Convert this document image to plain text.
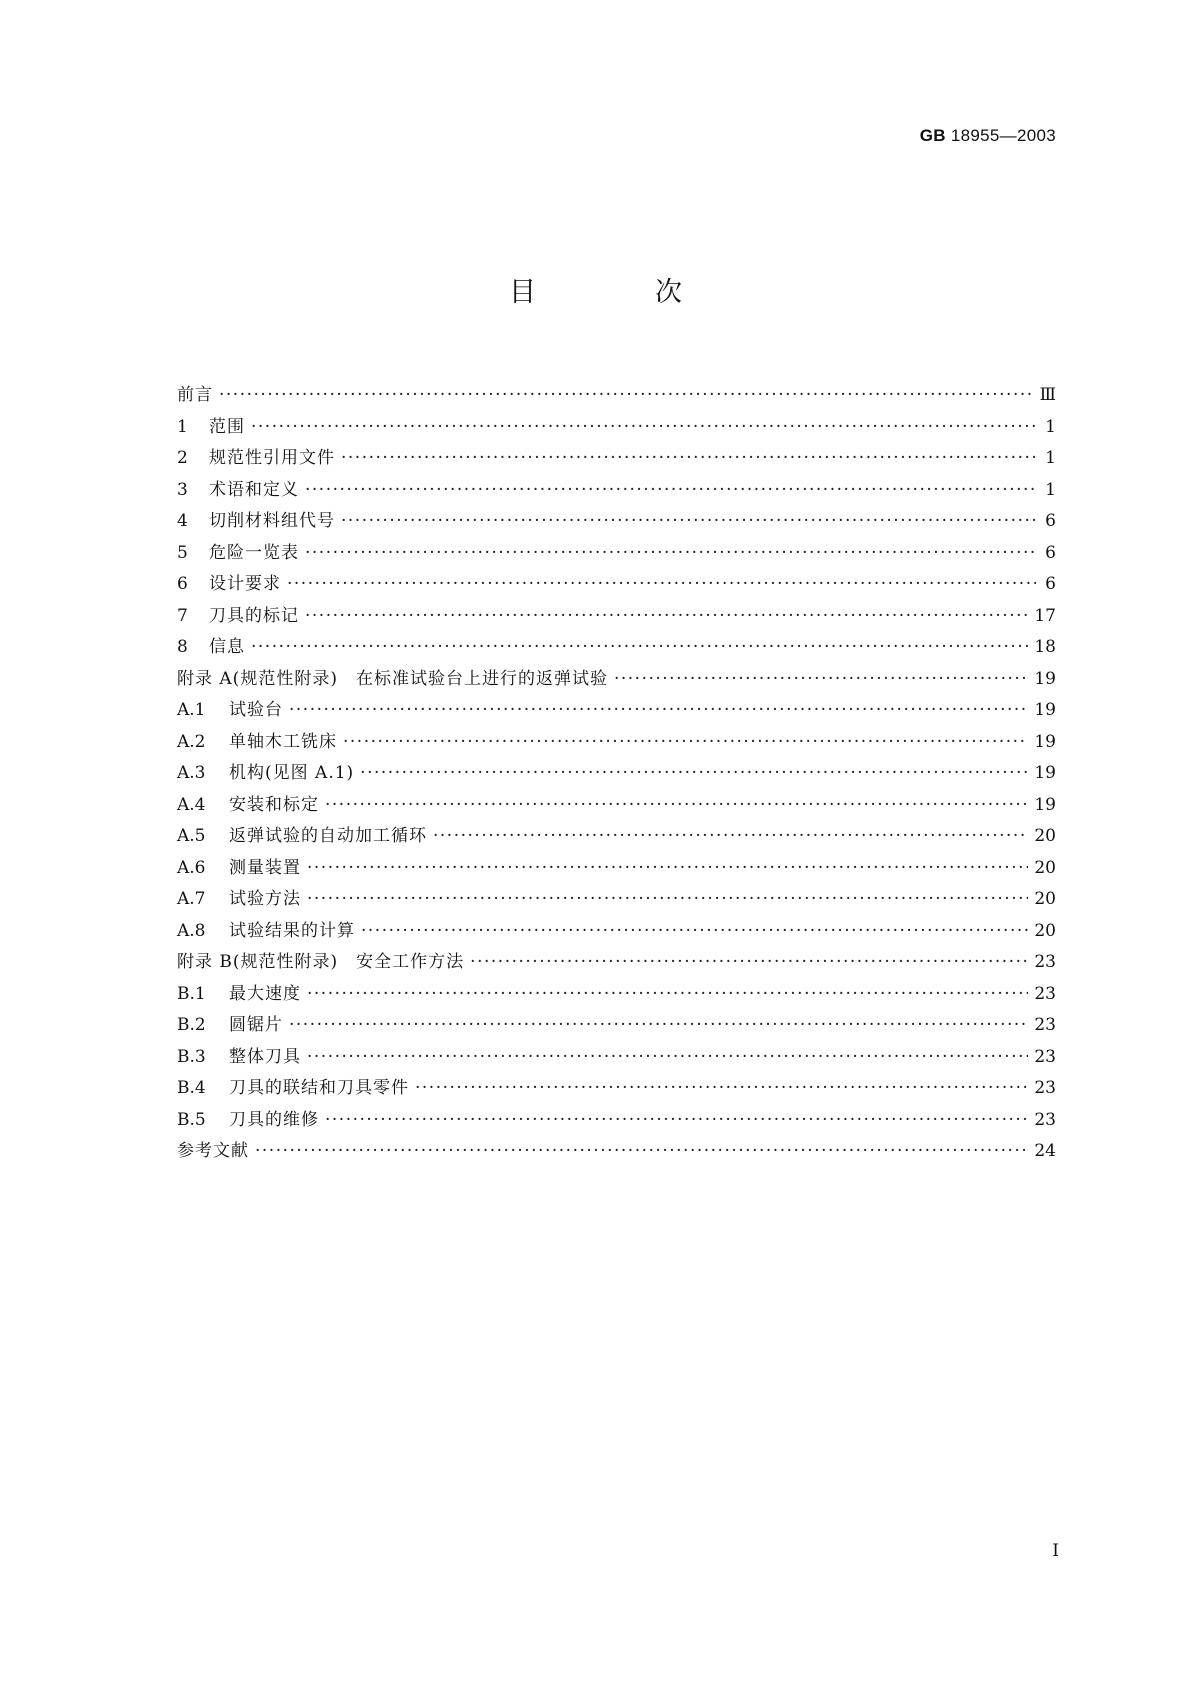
GB 18955—2003
目　次
前言 ·····	Ⅲ
1 范围 ·····	1
2 规范性引用文件 ·····	1
3 术语和定义 ·····	1
4 切削材料组代号 ·····	6
5 危险一览表 ·····	6
6 设计要求 ·····	6
7 刀具的标记 ·····	17
8 信息 ·····	18
附录 A(规范性附录)　在标准试验台上进行的返弹试验 ·····	19
A.1 试验台 ·····	19
A.2 单轴木工铣床 ·····	19
A.3 机构(见图 A.1) ·····	19
A.4 安装和标定 ·····	19
A.5 返弹试验的自动加工循环 ·····	20
A.6 测量装置 ·····	20
A.7 试验方法 ·····	20
A.8 试验结果的计算 ·····	20
附录 B(规范性附录)　安全工作方法 ·····	23
B.1 最大速度 ·····	23
B.2 圆锯片 ·····	23
B.3 整体刀具 ·····	23
B.4 刀具的联结和刀具零件 ·····	23
B.5 刀具的维修 ·····	23
参考文献 ·····	24
I
